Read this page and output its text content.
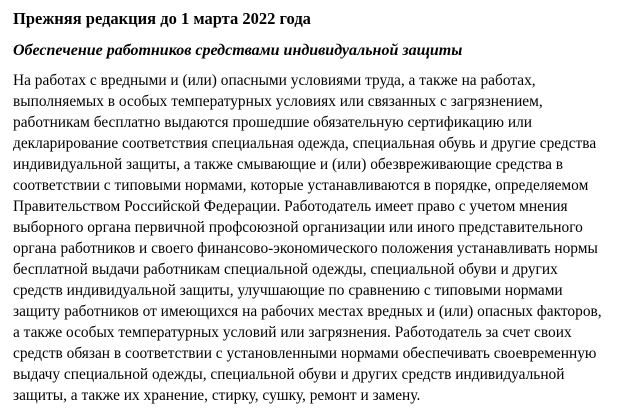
Прежняя редакция до 1 марта 2022 года
Обеспечение работников средствами индивидуальной защиты

На работах с вредными и (или) опасными условиями труда, а также на работах,
выполняемых в особых температурных условиях или связанных с загрязнением,
работникам бесплатно выдаются прошедшие обязательную сертификацию или
декларирование соответствия специальная одежда, специальная обувь и другие средства
индивидуальной защиты, а также смывающие и (или) обезвреживающие средства в
соответствии с типовыми нормами, которые устанавливаются в порядке, определяемом
Правительством Российской Федерации. Работодатель имеет право с учетом мнения
выборного органа первичной профсоюзной организации или иного представительного
органа работников и своего финансово-экономического положения устанавливать нормы
бесплатной выдачи работникам специальной одежды, специальной обуви и других
средств индивидуальной защиты, улучшающие по сравнению с типовыми нормами
защиту работников от имеющихся на рабочих местах вредных и (или) опасных факторов,
а также особых температурных условий или загрязнения. Работодатель за счет своих
средств обязан в соответствии с установленными нормами обеспечивать своевременную
выдачу специальной одежды, специальной обуви и других средств индивидуальной
защиты, а также их хранение, стирку, сушку, ремонт и замену.
